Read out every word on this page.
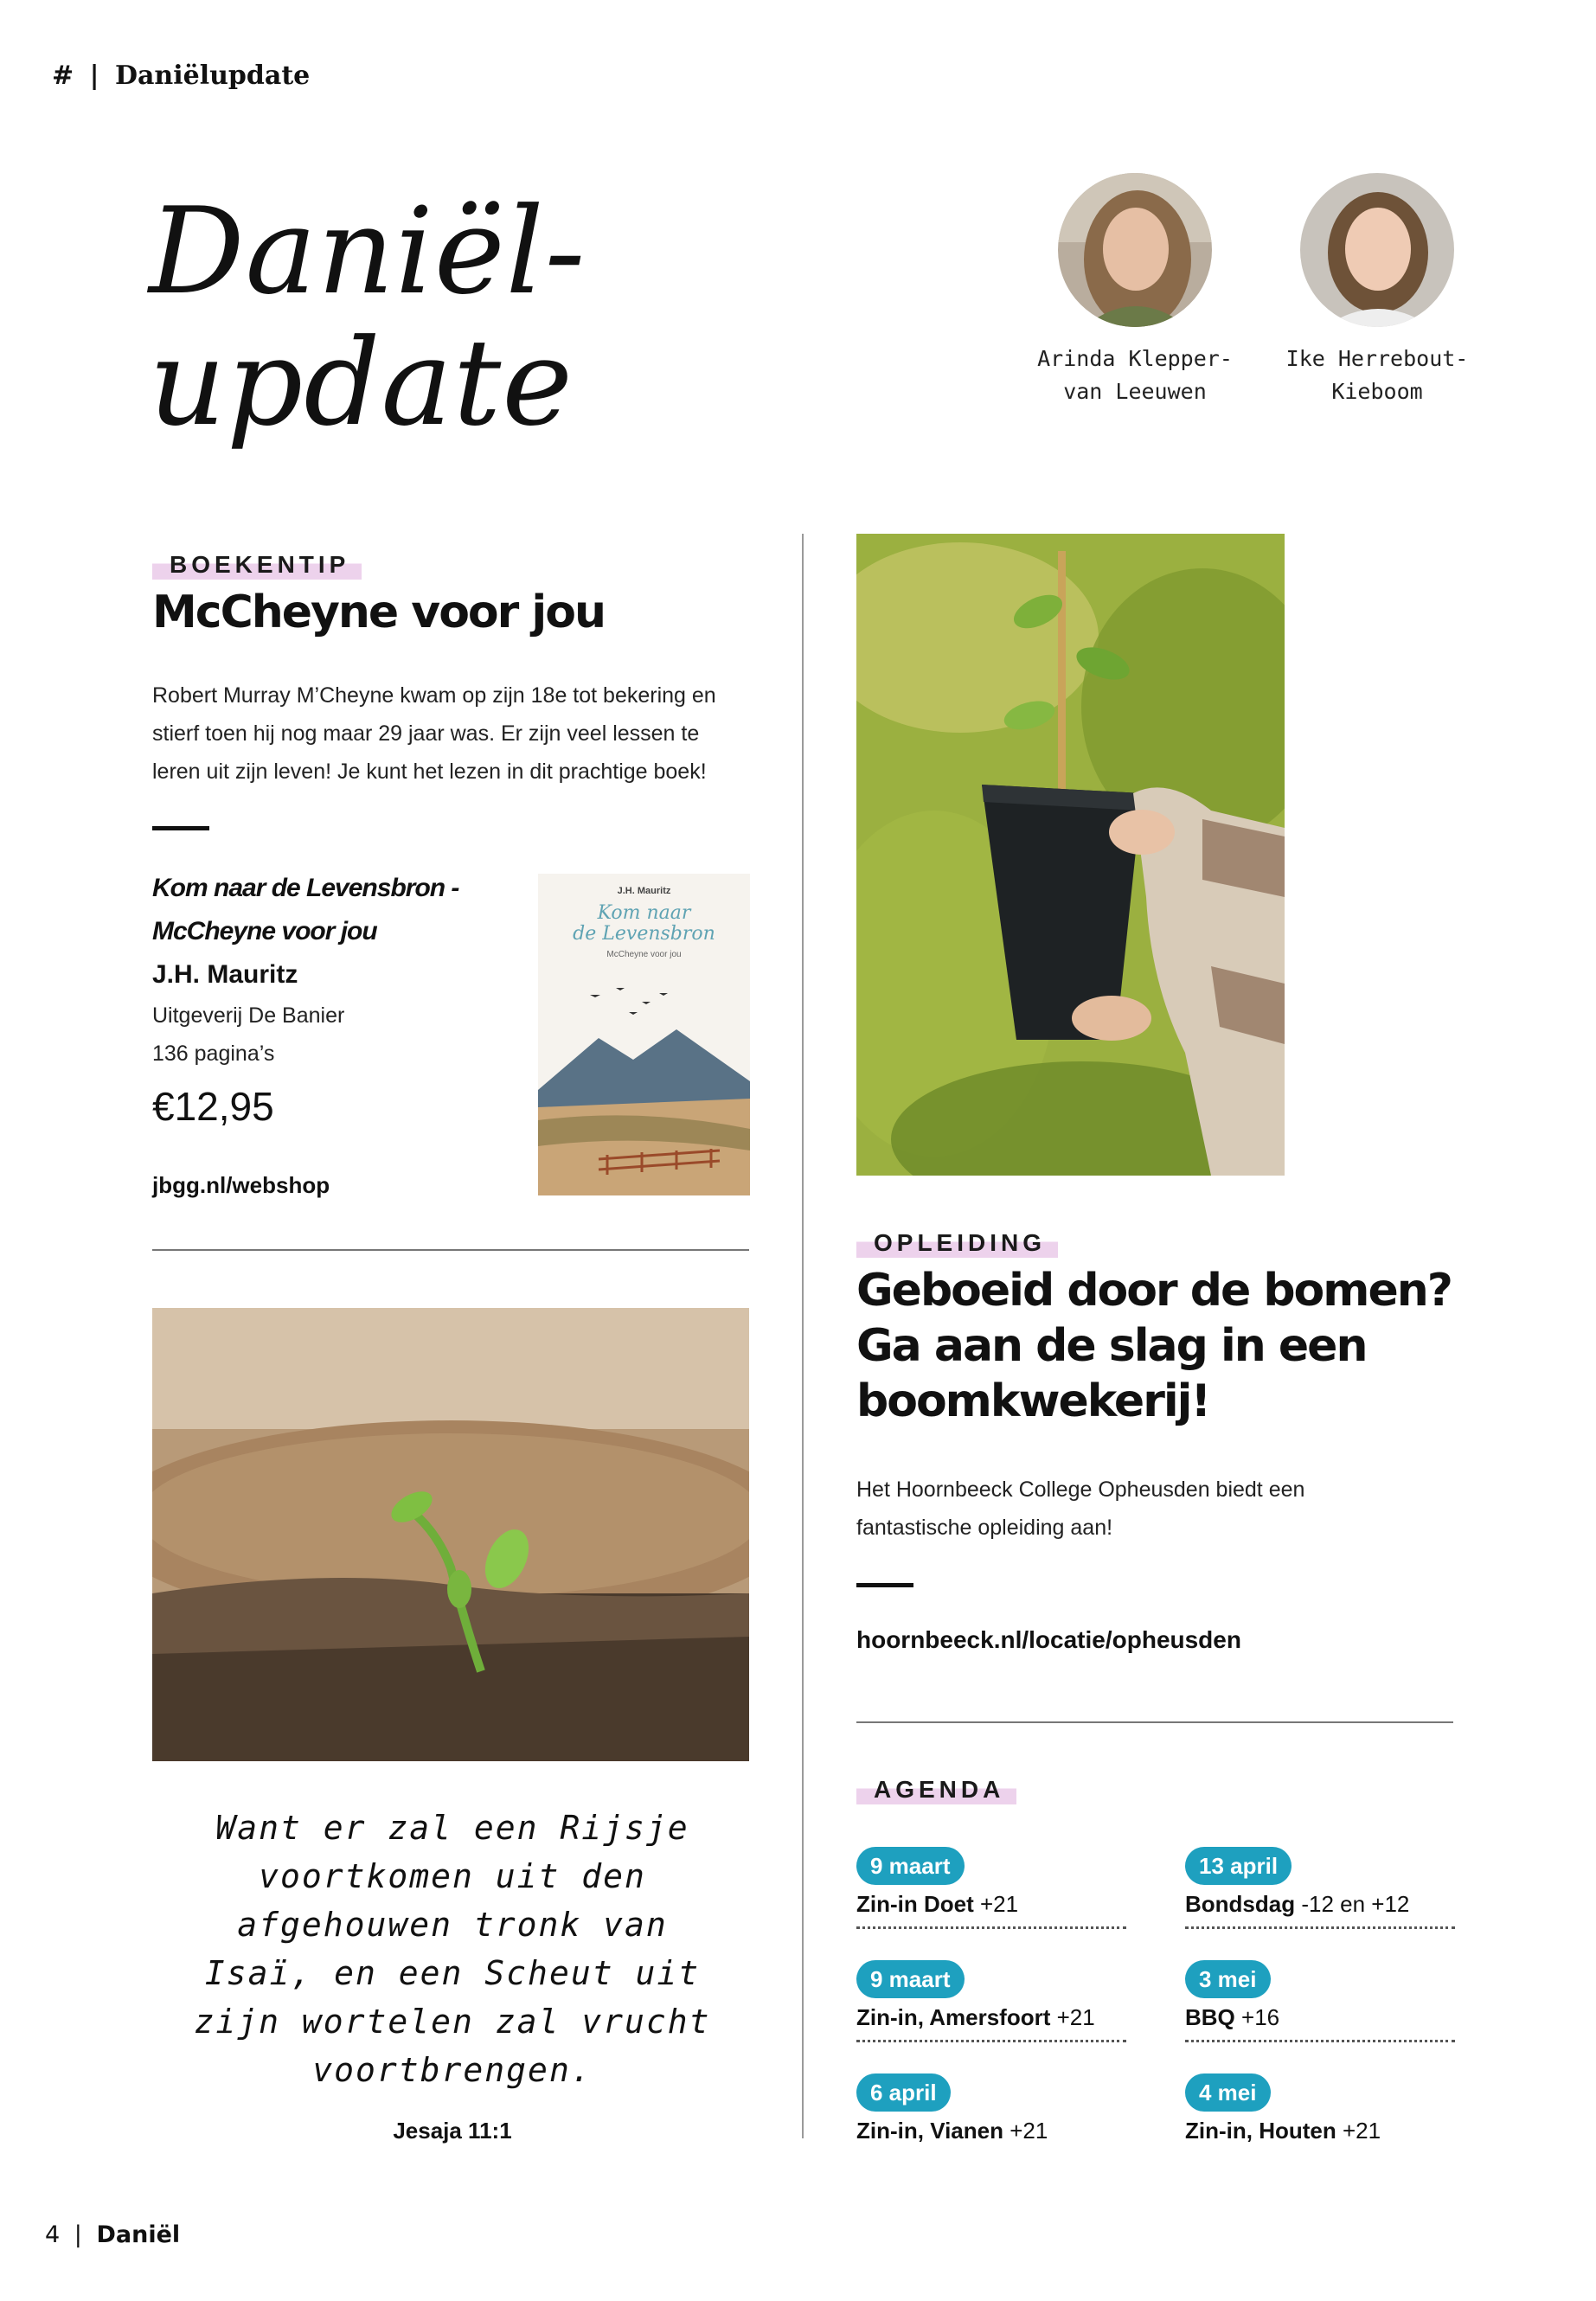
# | Daniëlupdate
Daniël-
update	Arinda Klepper-
van Leeuwen
Ike Herrebout-
Kieboom
BOEKENTIP
McCheyne voor jou
Robert Murray M’Cheyne kwam op zijn 18e tot bekering en
stierf toen hij nog maar 29 jaar was. Er zijn veel lessen te
leren uit zijn leven! Je kunt het lezen in dit prachtige boek!
Kom naar de Levensbron -
McCheyne voor jou
J.H. Mauritz
Uitgeverij De Banier
136 pagina’s
€12,95
jbgg.nl/webshop
J.H. Mauritz
Kom naar
de Levensbron
McCheyne voor jou
Want er zal een Rijsje
voortkomen uit den
afgehouwen tronk van
Isaï, en een Scheut uit
zijn wortelen zal vrucht
voortbrengen.
Jesaja 11:1
OPLEIDING
Geboeid door de bomen?
Ga aan de slag in een
boomkwekerij!
Het Hoornbeeck College Opheusden biedt een
fantastische opleiding aan!
hoornbeeck.nl/locatie/opheusden
AGENDA
9 maart
Zin-in Doet +21
13 april
Bondsdag -12 en +12
9 maart
Zin-in, Amersfoort +21
3 mei
BBQ +16
6 april
Zin-in, Vianen +21
4 mei
Zin-in, Houten +21
4 | Daniël
